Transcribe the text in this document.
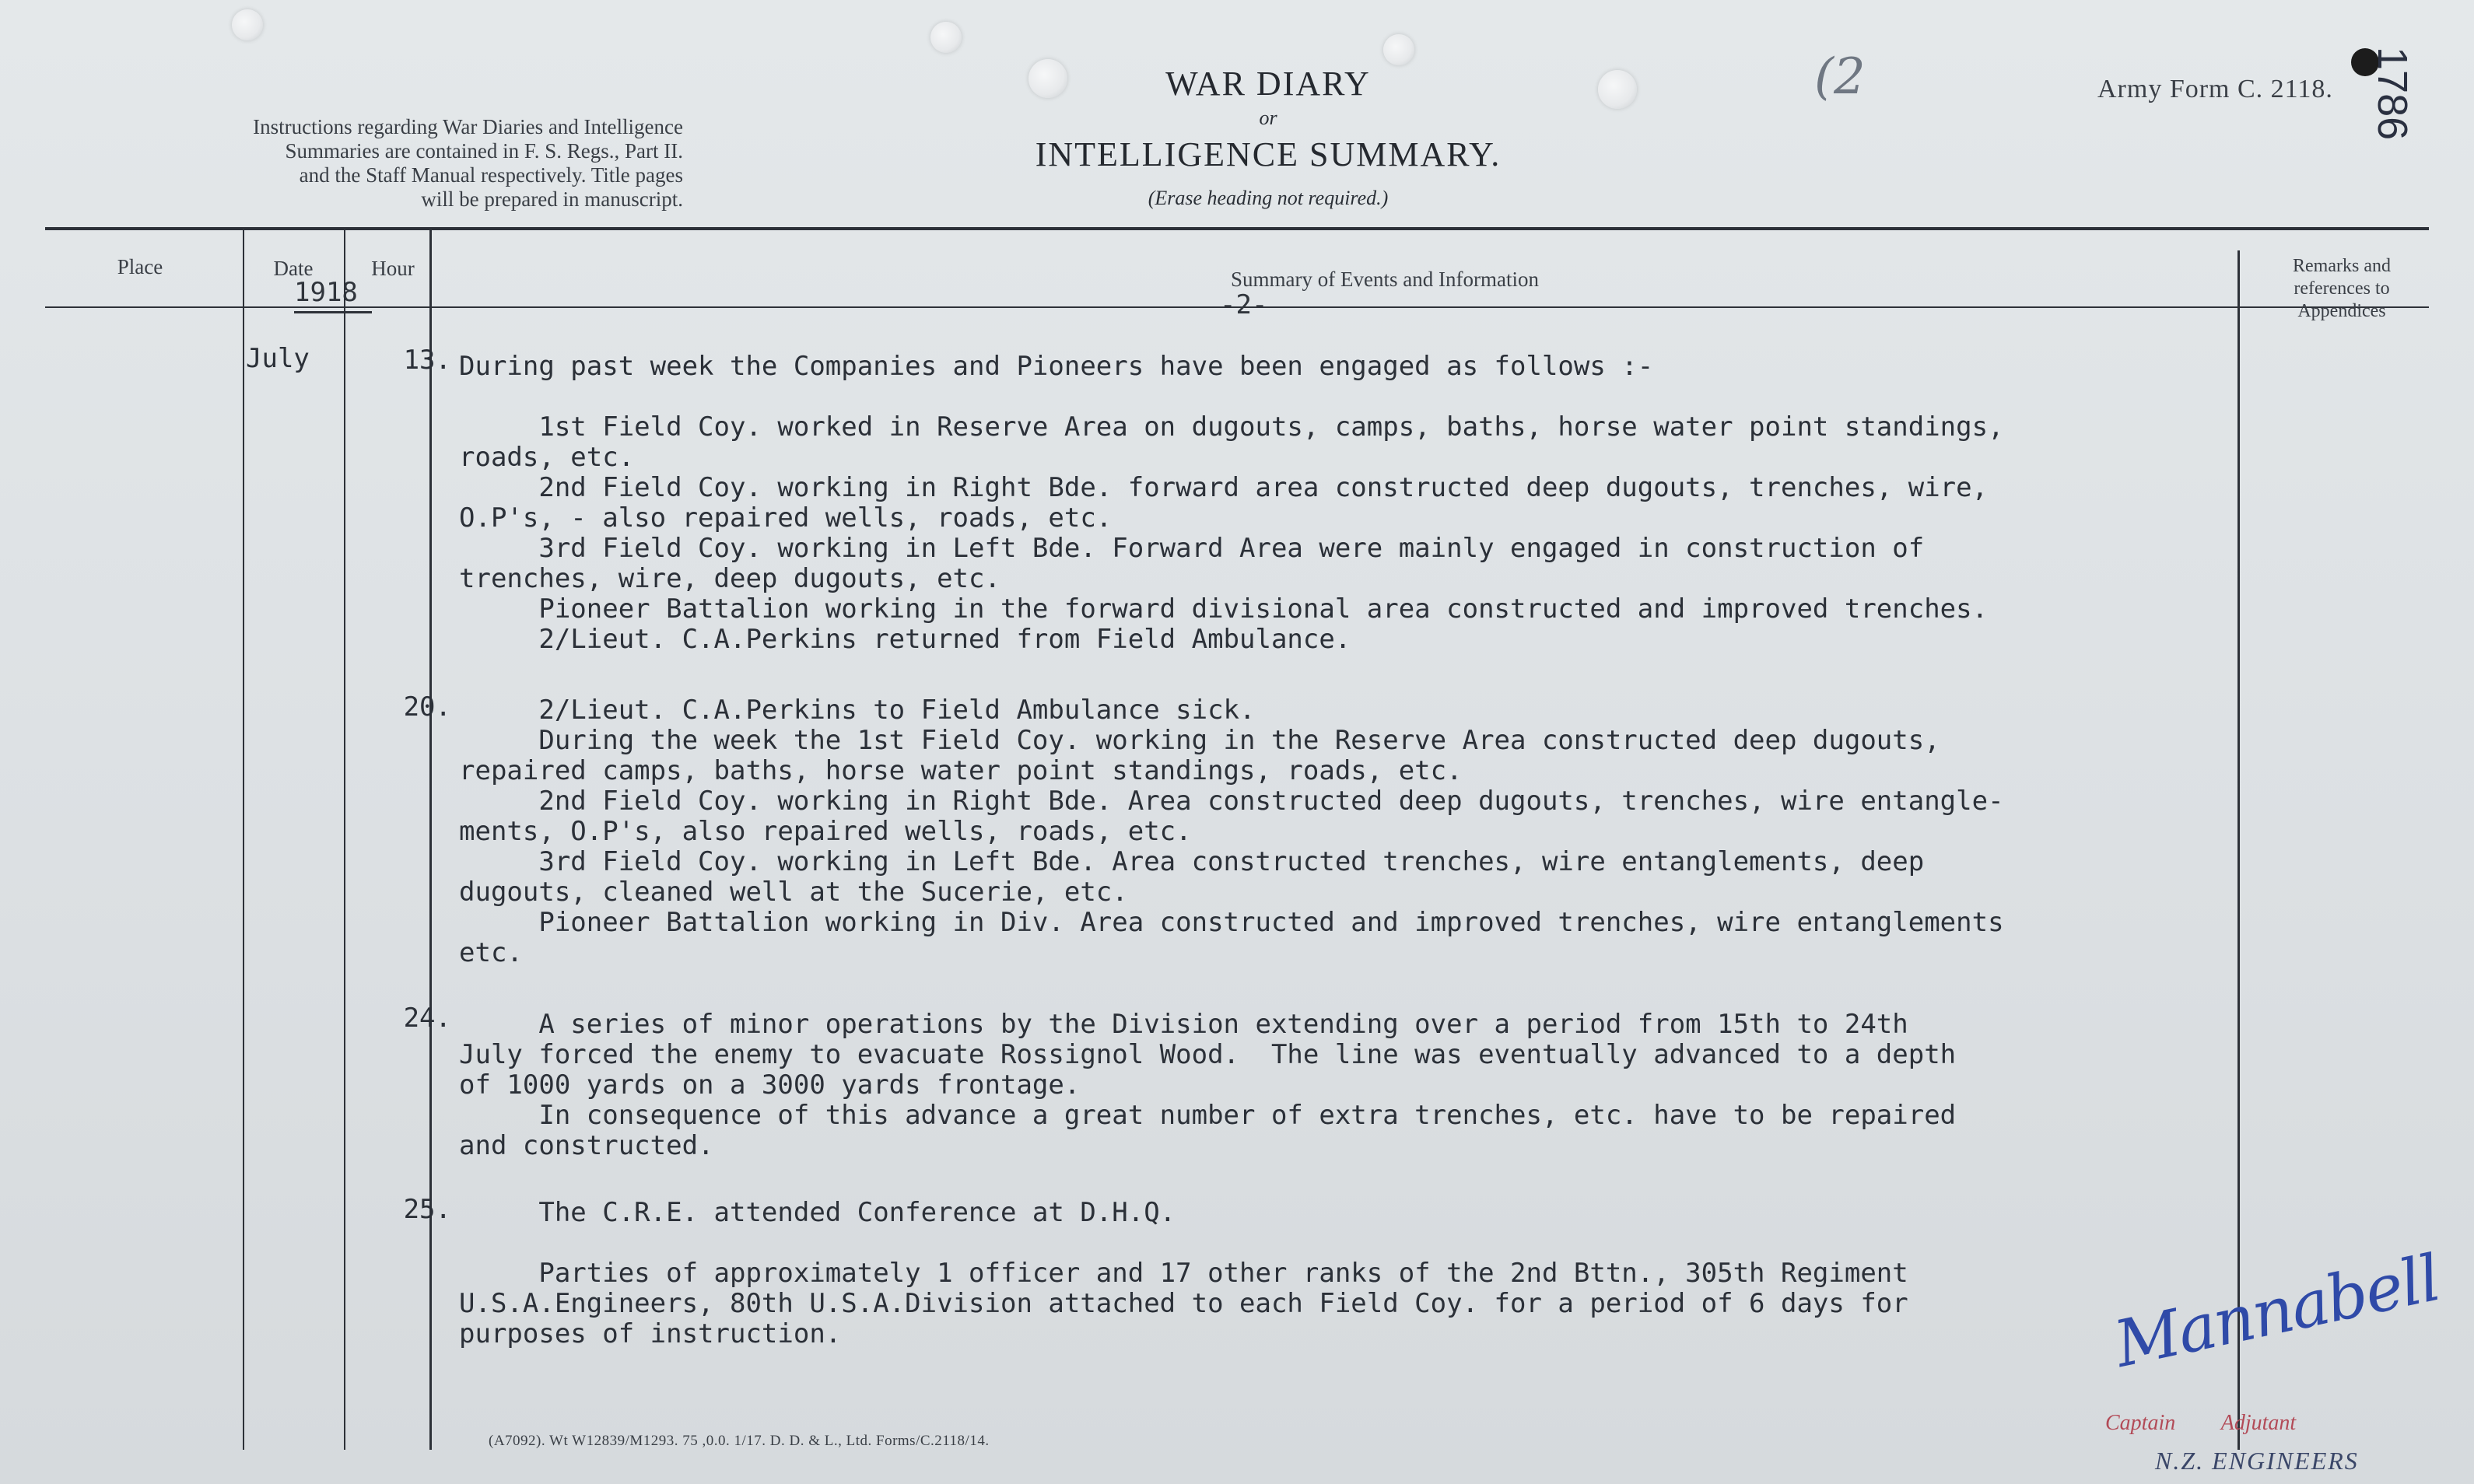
Instructions regarding War Diaries and Intelligence
Summaries are contained in F. S. Regs., Part II.
and the Staff Manual respectively. Title pages
will be prepared in manuscript.
WAR DIARY
or
INTELLIGENCE SUMMARY.
(Erase heading not required.)
(2	Army Form C. 2118. 1786
Place	Date	Hour	Summary of Events and Information
Remarks and
references to
Appendices
1918	-2-
July	13. During past week the Companies and Pioneers have been engaged as follows :-

1st Field Coy. worked in Reserve Area on dugouts, camps, baths, horse water point standings,

roads, etc.

2nd Field Coy. working in Right Bde. forward area constructed deep dugouts, trenches, wire,

O.P's, - also repaired wells, roads, etc.

3rd Field Coy. working in Left Bde. Forward Area were mainly engaged in construction of

trenches, wire, deep dugouts, etc.

Pioneer Battalion working in the forward divisional area constructed and improved trenches.

2/Lieut. C.A.Perkins returned from Field Ambulance.

20. 2/Lieut. C.A.Perkins to Field Ambulance sick.

During the week the 1st Field Coy. working in the Reserve Area constructed deep dugouts,

repaired camps, baths, horse water point standings, roads, etc.

2nd Field Coy. working in Right Bde. Area constructed deep dugouts, trenches, wire entangle-

ments, O.P's, also repaired wells, roads, etc.

3rd Field Coy. working in Left Bde. Area constructed trenches, wire entanglements, deep

dugouts, cleaned well at the Sucerie, etc.

Pioneer Battalion working in Div. Area constructed and improved trenches, wire entanglements

etc.

24. A series of minor operations by the Division extending over a period from 15th to 24th

July forced the enemy to evacuate Rossignol Wood.  The line was eventually advanced to a depth

of 1000 yards on a 3000 yards frontage.

In consequence of this advance a great number of extra trenches, etc. have to be repaired

and constructed.

25. The C.R.E. attended Conference at D.H.Q.

Parties of approximately 1 officer and 17 other ranks of the 2nd Bttn., 305th Regiment

U.S.A.Engineers, 80th U.S.A.Division attached to each Field Coy. for a period of 6 days for

purposes of instruction.

(A7092). Wt W12839/M1293. 75 ,0.0. 1/17. D. D. & L., Ltd. Forms/C.2118/14.
Mannabell
Captain Adjutant
N.Z. ENGINEERS
